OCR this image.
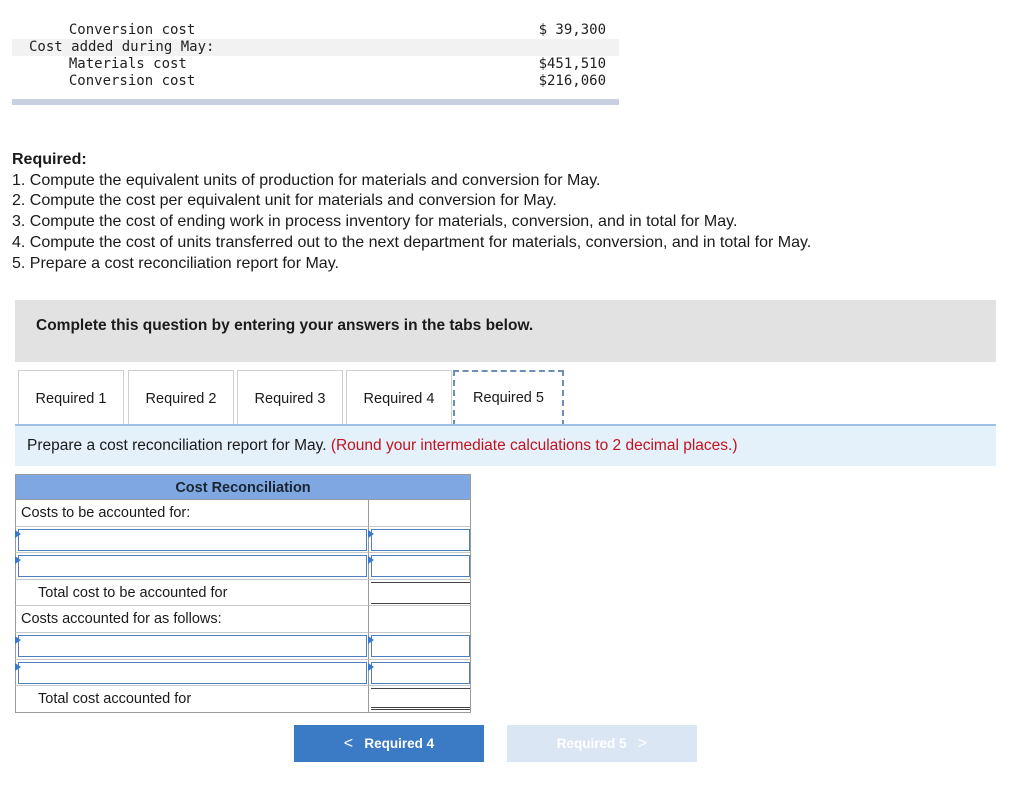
Conversion cost	$ 39,300
Cost added during May:
Materials cost	$451,510
Conversion cost	$216,060
Required:
1. Compute the equivalent units of production for materials and conversion for May.
2. Compute the cost per equivalent unit for materials and conversion for May.
3. Compute the cost of ending work in process inventory for materials, conversion, and in total for May.
4. Compute the cost of units transferred out to the next department for materials, conversion, and in total for May.
5. Prepare a cost reconciliation report for May.
Complete this question by entering your answers in the tabs below.
Required 1	Required 2	Required 3	Required 4	Required 5
Prepare a cost reconciliation report for May. (Round your intermediate calculations to 2 decimal places.)
Cost Reconciliation
Costs to be accounted for:
Total cost to be accounted for
Costs accounted for as follows:
Total cost accounted for
< Required 4	Required 5 >
